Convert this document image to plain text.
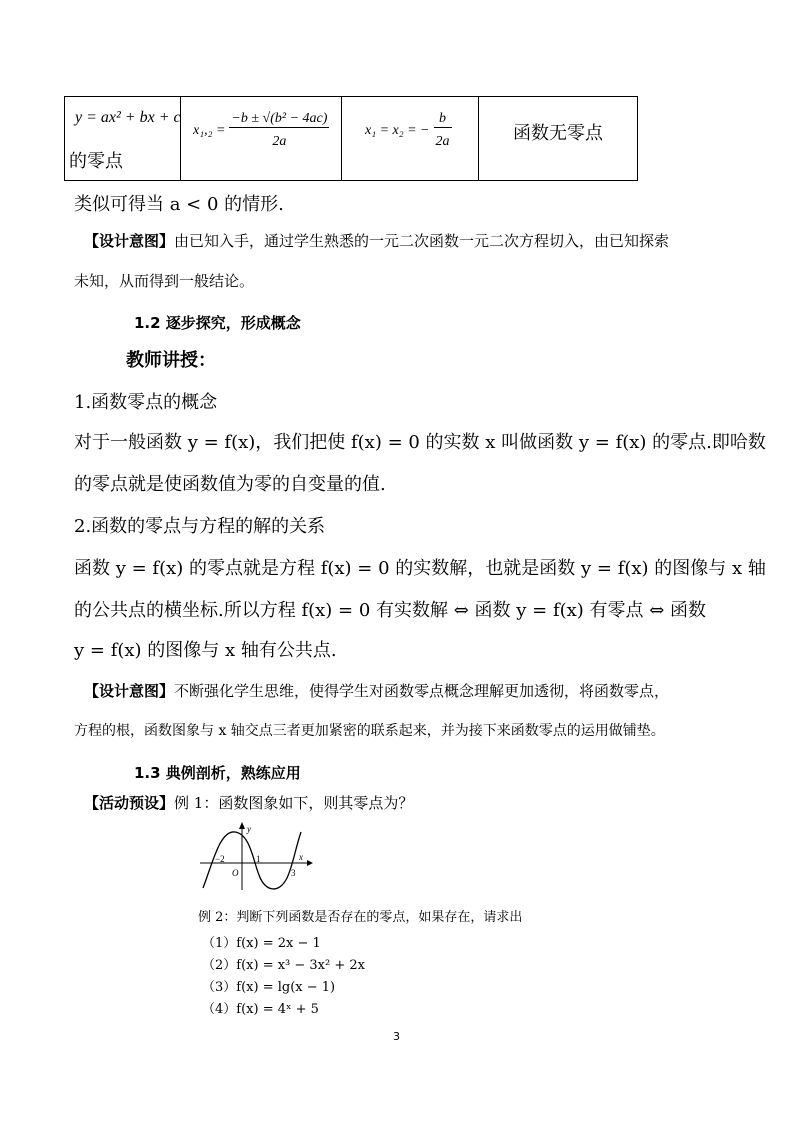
y = ax² + bx + c
的零点
$x_1,_2 = \frac{\text{−b ± √(b² − 4ac)}}{2a}$	x₁ = x₂ = − $\frac{b}{2a}$	函数无零点
类似可得当 a < 0 的情形.
【设计意图】由已知入手，通过学生熟悉的一元二次函数一元二次方程切入，由已知探索
未知，从而得到一般结论。
1.2 逐步探究，形成概念
教师讲授：
1.函数零点的概念
对于一般函数 y = f(x)，我们把使 f(x) = 0 的实数 x 叫做函数 y = f(x) 的零点.即哈数
的零点就是使函数值为零的自变量的值.
2.函数的零点与方程的解的关系
函数 y = f(x) 的零点就是方程 f(x) = 0 的实数解，也就是函数 y = f(x) 的图像与 x 轴
的公共点的横坐标.所以方程 f(x) = 0 有实数解 ⇔ 函数 y = f(x) 有零点 ⇔ 函数
y = f(x) 的图像与 x 轴有公共点.
【设计意图】不断强化学生思维，使得学生对函数零点概念理解更加透彻，将函数零点，
方程的根，函数图象与 x 轴交点三者更加紧密的联系起来，并为接下来函数零点的运用做铺垫。
1.3 典例剖析，熟练应用
【活动预设】例 1：函数图象如下，则其零点为？
−2	1
3
O
x
y
例 2：判断下列函数是否存在的零点，如果存在，请求出
（1）f(x) = 2x − 1
（2）f(x) = x³ − 3x² + 2x
（3）f(x) = lg(x − 1)
（4）f(x) = 4ˣ + 5
3
